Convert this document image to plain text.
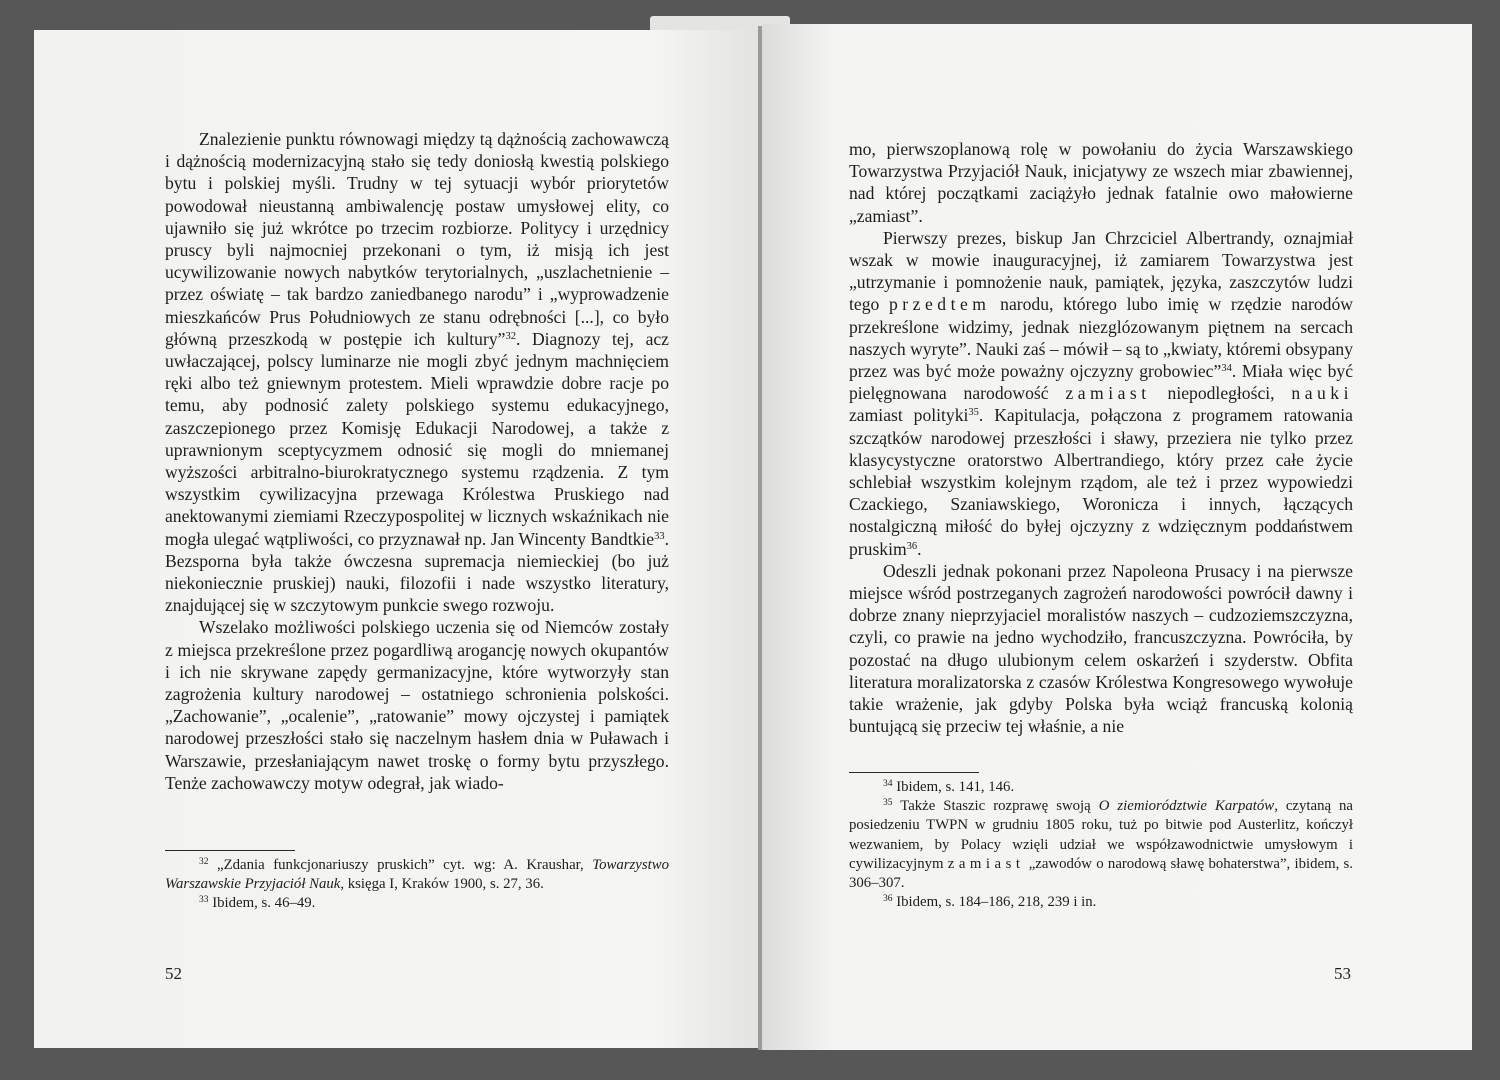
Znalezienie punktu równowagi między tą dążnością zachowawczą i dążnością modernizacyjną stało się tedy doniosłą kwestią polskiego bytu i polskiej myśli. Trudny w tej sytuacji wybór priorytetów powodował nieustanną ambiwalencję postaw umysłowej elity, co ujawniło się już wkrótce po trzecim rozbiorze. Politycy i urzędnicy pruscy byli najmocniej przekonani o tym, iż misją ich jest ucywilizowanie nowych nabytków terytorialnych, „uszlachetnienie – przez oświatę – tak bardzo zaniedbanego narodu” i „wyprowadzenie mieszkańców Prus Południowych ze stanu odrębności [...], co było główną przeszkodą w postępie ich kultury”$^{32}$. Diagnozy tej, acz uwłaczającej, polscy luminarze nie mogli zbyć jednym machnięciem ręki albo też gniewnym protestem. Mieli wprawdzie dobre racje po temu, aby podnosić zalety polskiego systemu edukacyjnego, zaszczepionego przez Komisję Edukacji Narodowej, a także z uprawnionym sceptycyzmem odnosić się mogli do mniemanej wyższości arbitralno-biurokratycznego systemu rządzenia. Z tym wszystkim cywilizacyjna przewaga Królestwa Pruskiego nad anektowanymi ziemiami Rzeczypospolitej w licznych wskaźnikach nie mogła ulegać wątpliwości, co przyznawał np. Jan Wincenty Bandtkie$^{33}$. Bezsporna była także ówczesna supremacja niemieckiej (bo już niekoniecznie pruskiej) nauki, filozofii i nade wszystko literatury, znajdującej się w szczytowym punkcie swego rozwoju.

Wszelako możliwości polskiego uczenia się od Niemców zostały z miejsca przekreślone przez pogardliwą arogancję nowych okupantów i ich nie skrywane zapędy germanizacyjne, które wytworzyły stan zagrożenia kultury narodowej – ostatniego schronienia polskości. „Zachowanie”, „ocalenie”, „ratowanie” mowy ojczystej i pamiątek narodowej przeszłości stało się naczelnym hasłem dnia w Puławach i Warszawie, przesłaniającym nawet troskę o formy bytu przyszłego. Tenże zachowawczy motyw odegrał, jak wiado-

$^{32}$ „Zdania funkcjonariuszy pruskich” cyt. wg: A. Kraushar, Towarzystwo Warszawskie Przyjaciół Nauk, księga I, Kraków 1900, s. 27, 36.

$^{33}$ Ibidem, s. 46–49.

52

mo, pierwszoplanową rolę w powołaniu do życia Warszawskiego Towarzystwa Przyjaciół Nauk, inicjatywy ze wszech miar zbawiennej, nad której początkami zaciążyło jednak fatalnie owo małowierne „zamiast”.

Pierwszy prezes, biskup Jan Chrzciciel Albertrandy, oznajmiał wszak w mowie inauguracyjnej, iż zamiarem Towarzystwa jest „utrzymanie i pomnożenie nauk, pamiątek, języka, zaszczytów ludzi tego przedtem narodu, którego lubo imię w rzędzie narodów przekreślone widzimy, jednak niezglózowanym piętnem na sercach naszych wyryte”. Nauki zaś – mówił – są to „kwiaty, któremi obsypany przez was być może poważny ojczyzny grobowiec”$^{34}$. Miała więc być pielęgnowana narodowość zamiast niepodległości, nauki zamiast polityki$^{35}$. Kapitulacja, połączona z programem ratowania szczątków narodowej przeszłości i sławy, przeziera nie tylko przez klasycystyczne oratorstwo Albertrandiego, który przez całe życie schlebiał wszystkim kolejnym rządom, ale też i przez wypowiedzi Czackiego, Szaniawskiego, Woronicza i innych, łączących nostalgiczną miłość do byłej ojczyzny z wdzięcznym poddaństwem pruskim$^{36}$.

Odeszli jednak pokonani przez Napoleona Prusacy i na pierwsze miejsce wśród postrzeganych zagrożeń narodowości powrócił dawny i dobrze znany nieprzyjaciel moralistów naszych – cudzoziemszczyzna, czyli, co prawie na jedno wychodziło, francuszczyzna. Powróciła, by pozostać na długo ulubionym celem oskarżeń i szyderstw. Obfita literatura moralizatorska z czasów Królestwa Kongresowego wywołuje takie wrażenie, jak gdyby Polska była wciąż francuską kolonią buntującą się przeciw tej właśnie, a nie

$^{34}$ Ibidem, s. 141, 146.

$^{35}$ Także Staszic rozprawę swoją O ziemiorództwie Karpatów, czytaną na posiedzeniu TWPN w grudniu 1805 roku, tuż po bitwie pod Austerlitz, kończył wezwaniem, by Polacy wzięli udział we współzawodnictwie umysłowym i cywilizacyjnym zamiast „zawodów o narodową sławę bohaterstwa”, ibidem, s. 306–307.

$^{36}$ Ibidem, s. 184–186, 218, 239 i in.

53
